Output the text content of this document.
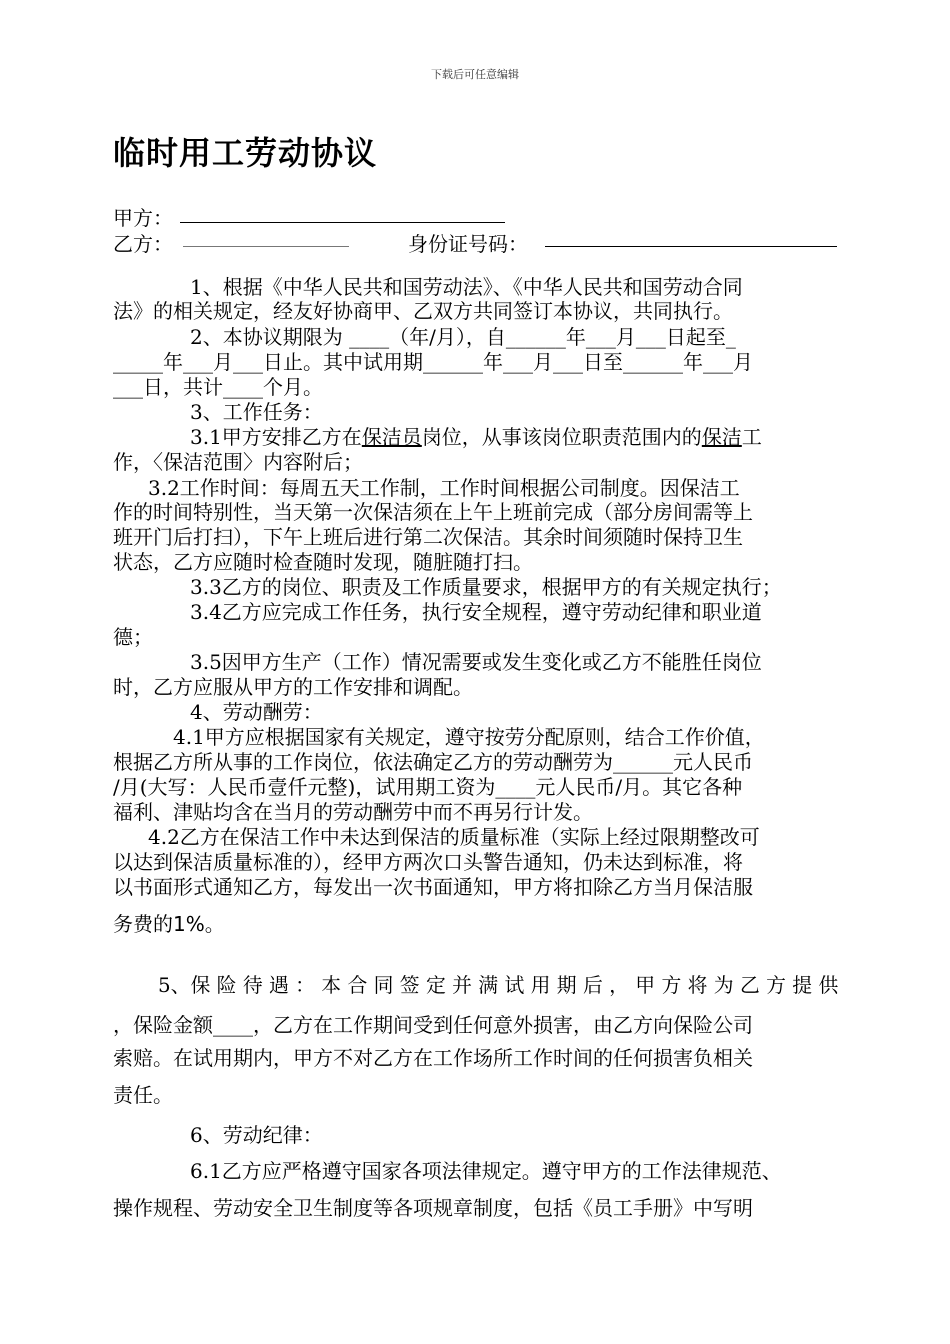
下载后可任意编辑
临时用工劳动协议
甲方：
乙方：	身份证号码：
1、根据《中华人民共和国劳动法》、《中华人民共和国劳动合同
法》的相关规定，经友好协商甲、乙双方共同签订本协议，共同执行。
2、本协议期限为 ____（年/月），自______年___月___日起至_
_____年___月___日止。其中试用期______年___月___日至______年___月
___日，共计____个月。
3、工作任务：
3.1甲方安排乙方在保洁员岗位，从事该岗位职责范围内的保洁工
作，〈保洁范围〉内容附后；
3.2工作时间：每周五天工作制，工作时间根据公司制度。因保洁工
作的时间特别性，当天第一次保洁须在上午上班前完成（部分房间需等上
班开门后打扫），下午上班后进行第二次保洁。其余时间须随时保持卫生
状态，乙方应随时检查随时发现，随脏随打扫。
3.3乙方的岗位、职责及工作质量要求，根据甲方的有关规定执行；
3.4乙方应完成工作任务，执行安全规程，遵守劳动纪律和职业道
德；
3.5因甲方生产（工作）情况需要或发生变化或乙方不能胜任岗位
时，乙方应服从甲方的工作安排和调配。
4、劳动酬劳：
4.1甲方应根据国家有关规定，遵守按劳分配原则，结合工作价值，
根据乙方所从事的工作岗位，依法确定乙方的劳动酬劳为______元人民币
/月(大写：人民币壹仟元整)，试用期工资为____元人民币/月。其它各种
福利、津贴均含在当月的劳动酬劳中而不再另行计发。
4.2乙方在保洁工作中未达到保洁的质量标准（实际上经过限期整改可
以达到保洁质量标准的），经甲方两次口头警告通知，仍未达到标准，将
以书面形式通知乙方，每发出一次书面通知，甲方将扣除乙方当月保洁服
务费的1%。
5、保 险 待 遇 ： 本 合 同 签 定 并 满 试 用 期 后 ， 甲 方 将 为 乙 方 提 供
，保险金额____，乙方在工作期间受到任何意外损害，由乙方向保险公司
索赔。在试用期内，甲方不对乙方在工作场所工作时间的任何损害负相关
责任。
6、劳动纪律：
6.1乙方应严格遵守国家各项法律规定。遵守甲方的工作法律规范、
操作规程、劳动安全卫生制度等各项规章制度，包括《员工手册》中写明
